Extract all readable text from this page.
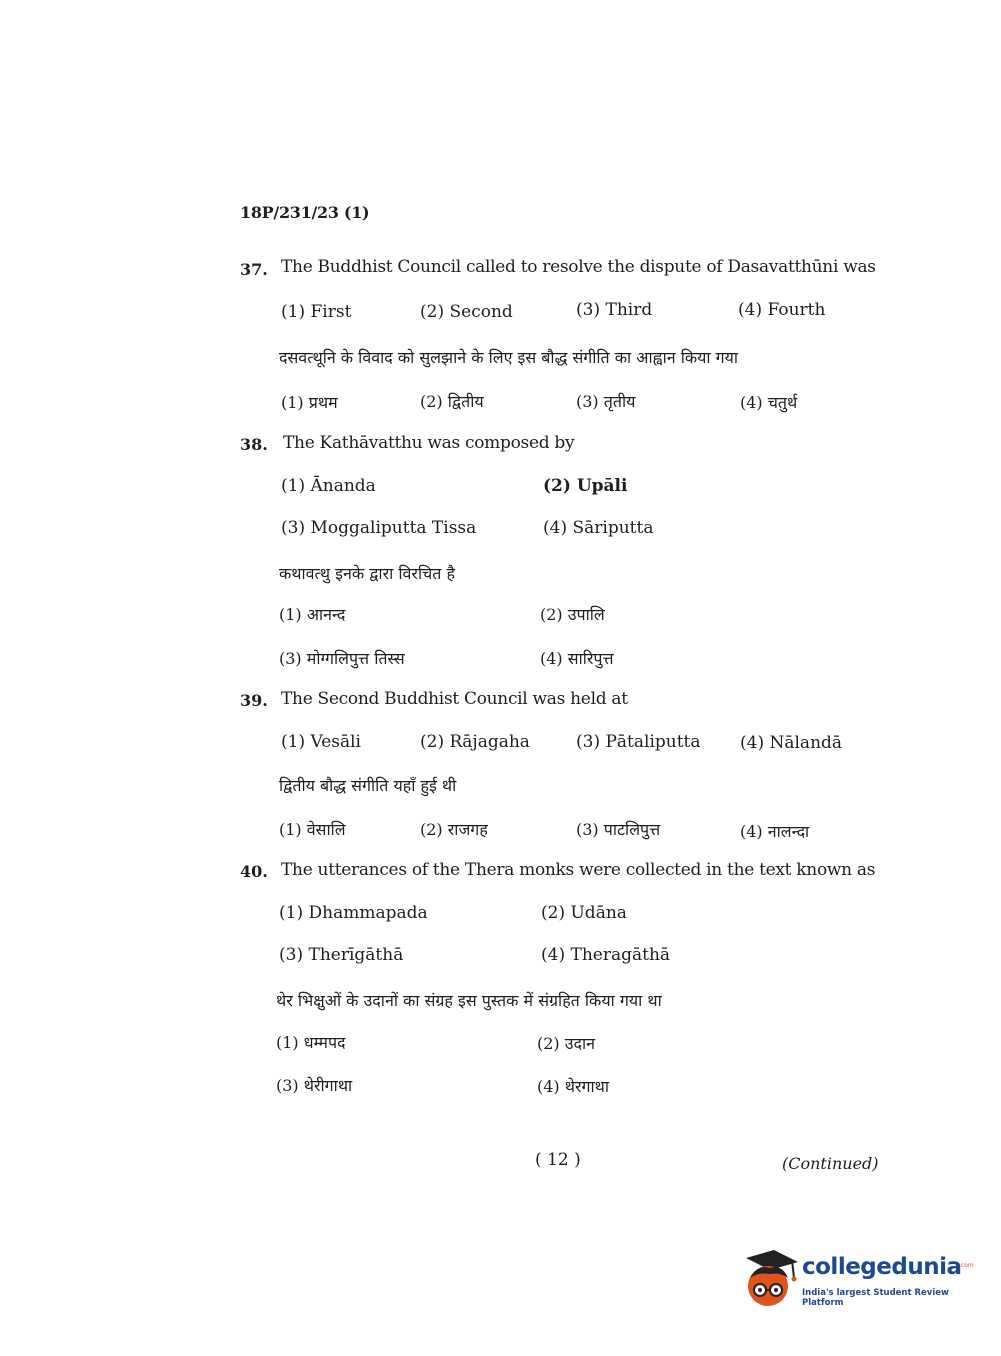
18P/231/23 (1)
37. The Buddhist Council called to resolve the dispute of Dasavatthūni was
(1) First	(2) Second	(3) Third	(4) Fourth
दसवत्थूनि के विवाद को सुलझाने के लिए इस बौद्ध संगीति का आह्वान किया गया
(1) प्रथम	(2) द्वितीय	(3) तृतीय	(4) चतुर्थ
38. The Kathāvatthu was composed by
(1) Ānanda	(2) Upāli
(3) Moggaliputta Tissa	(4) Sāriputta
कथावत्थु इनके द्वारा विरचित है
(1) आनन्द	(2) उपालि
(3) मोग्गलिपुत्त तिस्स	(4) सारिपुत्त
39. The Second Buddhist Council was held at
(1) Vesāli	(2) Rājagaha	(3) Pātaliputta (4) Nālandā
द्वितीय बौद्ध संगीति यहाँ हुई थी
(1) वेसालि	(2) राजगह	(3) पाटलिपुत्त	(4) नालन्दा
40. The utterances of the Thera monks were collected in the text known as
(1) Dhammapada	(2) Udāna
(3) Therīgāthā	(4) Theragāthā
थेर भिक्षुओं के उदानों का संग्रह इस पुस्तक में संग्रहित किया गया था
(1) धम्मपद	(2) उदान
(3) थेरीगाथा	(4) थेरगाथा
( 12 )	(Continued)
collegedunia
.com
India's largest Student Review Platform
